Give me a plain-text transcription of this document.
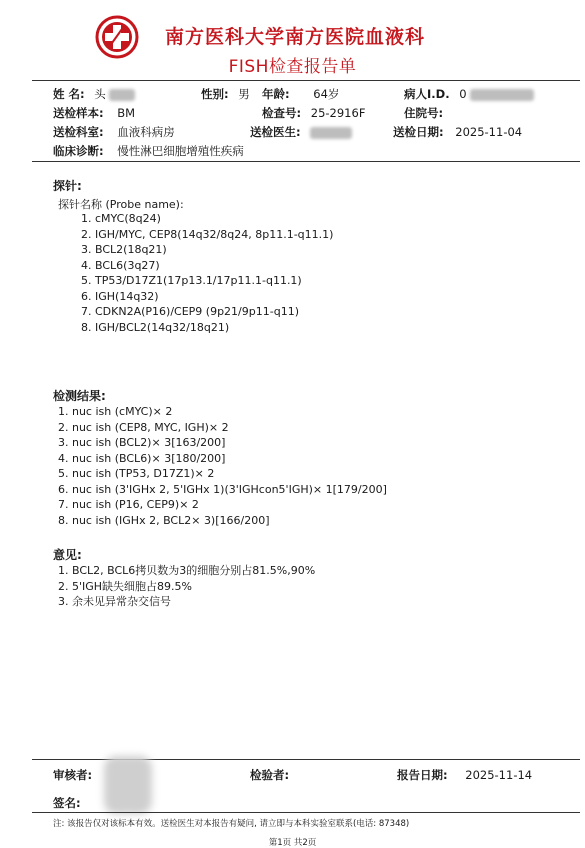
南方医科大学南方医院血液科
FISH检查报告单
姓 名: 头	性别: 男 年龄: 64岁	病人I.D. 0
送检样本: BM	检查号: 25-2916F	住院号:
送检科室: 血液科病房	送检医生:	送检日期: 2025-11-04
临床诊断: 慢性淋巴细胞增殖性疾病
探针:
探针名称 (Probe name):
1. cMYC(8q24)
2. IGH/MYC, CEP8(14q32/8q24, 8p11.1-q11.1)
3. BCL2(18q21)
4. BCL6(3q27)
5. TP53/D17Z1(17p13.1/17p11.1-q11.1)
6. IGH(14q32)
7. CDKN2A(P16)/CEP9 (9p21/9p11-q11)
8. IGH/BCL2(14q32/18q21)
检测结果:
1. nuc ish (cMYC)× 2
2. nuc ish (CEP8, MYC, IGH)× 2
3. nuc ish (BCL2)× 3[163/200]
4. nuc ish (BCL6)× 3[180/200]
5. nuc ish (TP53, D17Z1)× 2
6. nuc ish (3'IGHx 2, 5'IGHx 1)(3'IGHcon5'IGH)× 1[179/200]
7. nuc ish (P16, CEP9)× 2
8. nuc ish (IGHx 2, BCL2× 3)[166/200]
意见:
1. BCL2, BCL6拷贝数为3的细胞分别占81.5%,90%
2. 5'IGH缺失细胞占89.5%
3. 余未见异常杂交信号
审核者:	检验者:	报告日期: 2025-11-14
签名:
注: 该报告仅对该标本有效。送检医生对本报告有疑问, 请立即与本科实验室联系(电话: 87348)
第1页 共2页
